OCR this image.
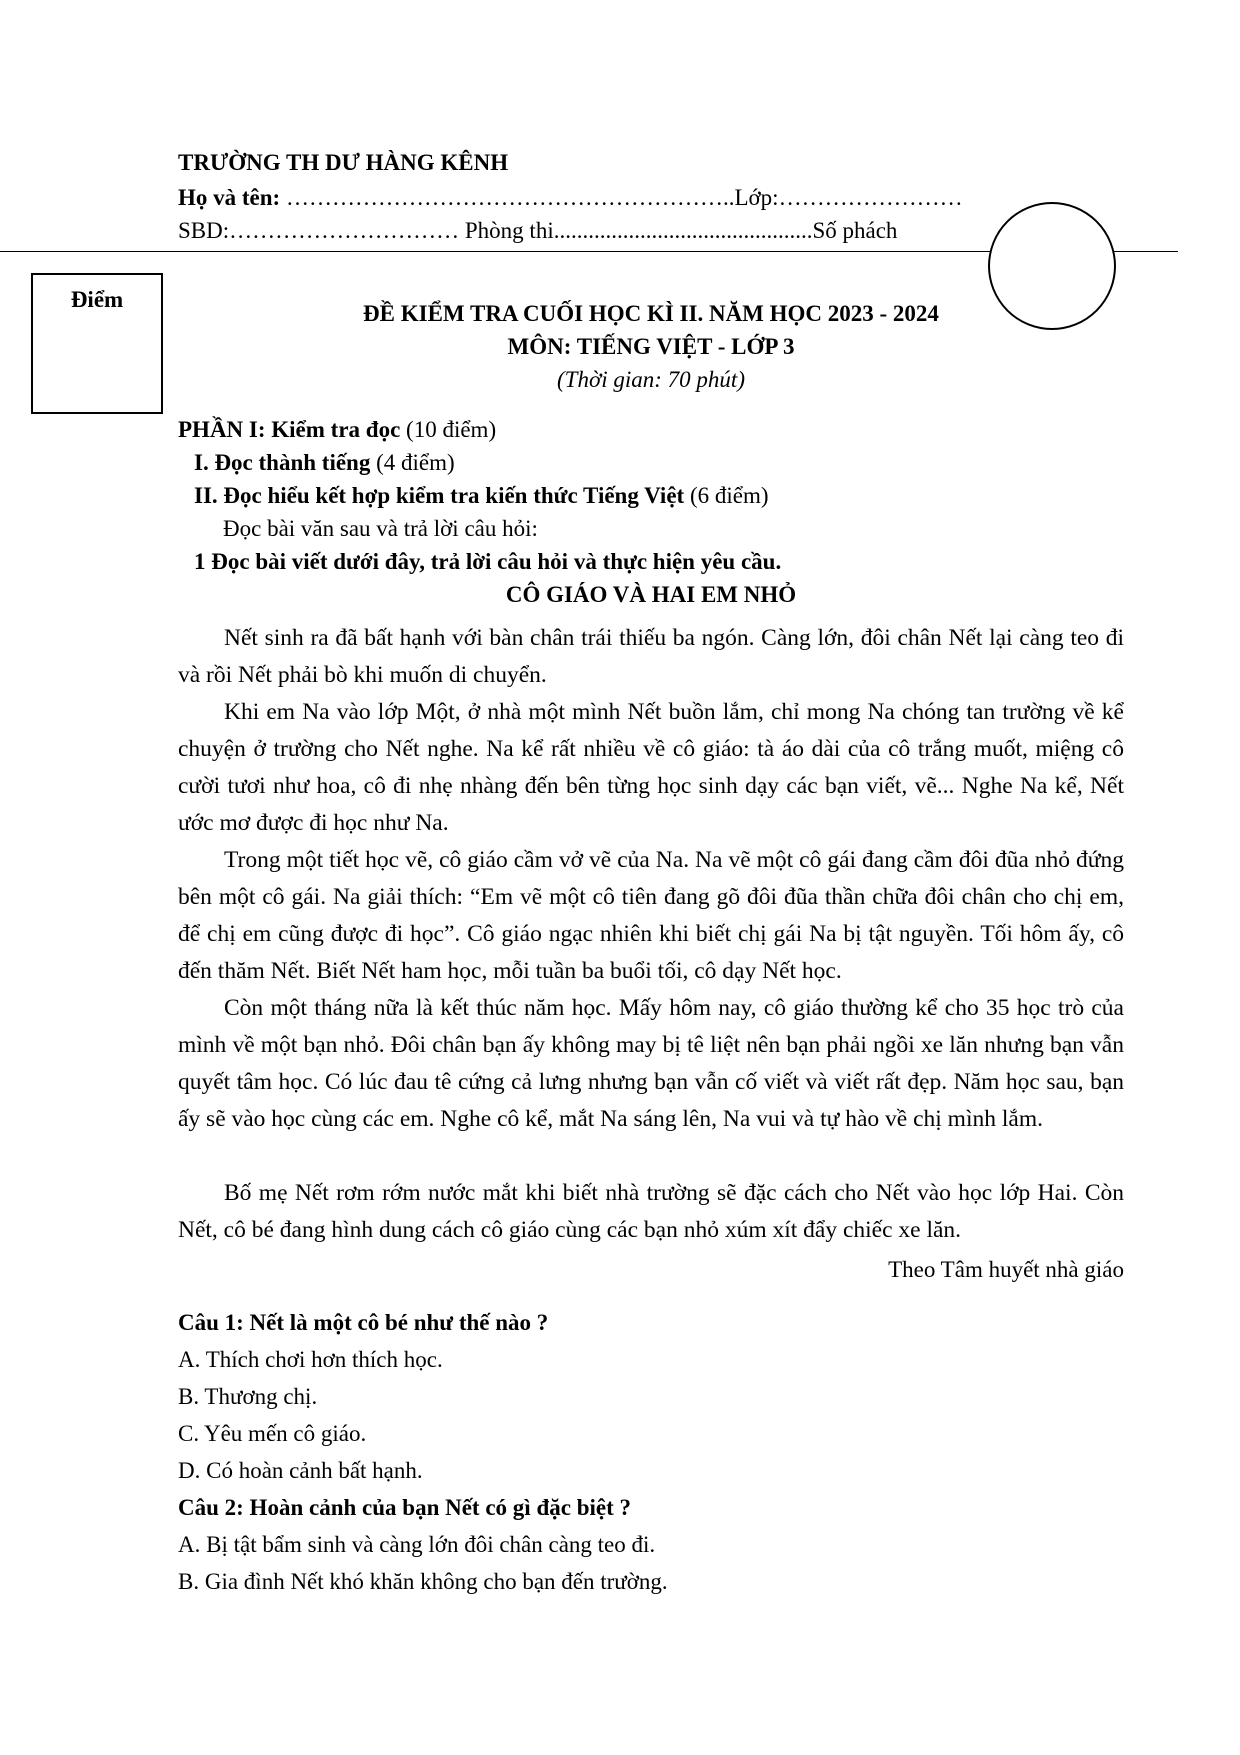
TRƯỜNG TH DƯ HÀNG KÊNH
Họ và tên: …………………………………………………..Lớp:……………………
SBD:………………………… Phòng thi.............................................Số phách
Điểm
ĐỀ KIỂM TRA CUỐI HỌC KÌ II. NĂM HỌC 2023 - 2024
MÔN: TIẾNG VIỆT - LỚP 3
(Thời gian: 70 phút)
PHẦN I: Kiểm tra đọc (10 điểm)
I. Đọc thành tiếng (4 điểm)
II. Đọc hiểu kết hợp kiểm tra kiến thức Tiếng Việt (6 điểm)
Đọc bài văn sau và trả lời câu hỏi:
1 Đọc bài viết dưới đây, trả lời câu hỏi và thực hiện yêu cầu.
CÔ GIÁO VÀ HAI EM NHỎ

Nết sinh ra đã bất hạnh với bàn chân trái thiếu ba ngón. Càng lớn, đôi chân Nết lại càng teo đi và rồi Nết phải bò khi muốn di chuyển.

Khi em Na vào lớp Một, ở nhà một mình Nết buồn lắm, chỉ mong Na chóng tan trường về kể chuyện ở trường cho Nết nghe. Na kể rất nhiều về cô giáo: tà áo dài của cô trắng muốt, miệng cô cười tươi như hoa, cô đi nhẹ nhàng đến bên từng học sinh dạy các bạn viết, vẽ... Nghe Na kể, Nết ước mơ được đi học như Na.

Trong một tiết học vẽ, cô giáo cầm vở vẽ của Na. Na vẽ một cô gái đang cầm đôi đũa nhỏ đứng bên một cô gái. Na giải thích: “Em vẽ một cô tiên đang gõ đôi đũa thần chữa đôi chân cho chị em, để chị em cũng được đi học”. Cô giáo ngạc nhiên khi biết chị gái Na bị tật nguyền. Tối hôm ấy, cô đến thăm Nết. Biết Nết ham học, mỗi tuần ba buổi tối, cô dạy Nết học.

Còn một tháng nữa là kết thúc năm học. Mấy hôm nay, cô giáo thường kể cho 35 học trò của mình về một bạn nhỏ. Đôi chân bạn ấy không may bị tê liệt nên bạn phải ngồi xe lăn nhưng bạn vẫn quyết tâm học. Có lúc đau tê cứng cả lưng nhưng bạn vẫn cố viết và viết rất đẹp. Năm học sau, bạn ấy sẽ vào học cùng các em. Nghe cô kể, mắt Na sáng lên, Na vui và tự hào về chị mình lắm.

Bố mẹ Nết rơm rớm nước mắt khi biết nhà trường sẽ đặc cách cho Nết vào học lớp Hai. Còn Nết, cô bé đang hình dung cách cô giáo cùng các bạn nhỏ xúm xít đẩy chiếc xe lăn.

Theo Tâm huyết nhà giáo
Câu 1: Nết là một cô bé như thế nào ?
A. Thích chơi hơn thích học.
B. Thương chị.
C. Yêu mến cô giáo.
D. Có hoàn cảnh bất hạnh.
Câu 2: Hoàn cảnh của bạn Nết có gì đặc biệt ?
A. Bị tật bẩm sinh và càng lớn đôi chân càng teo đi.
B. Gia đình Nết khó khăn không cho bạn đến trường.
